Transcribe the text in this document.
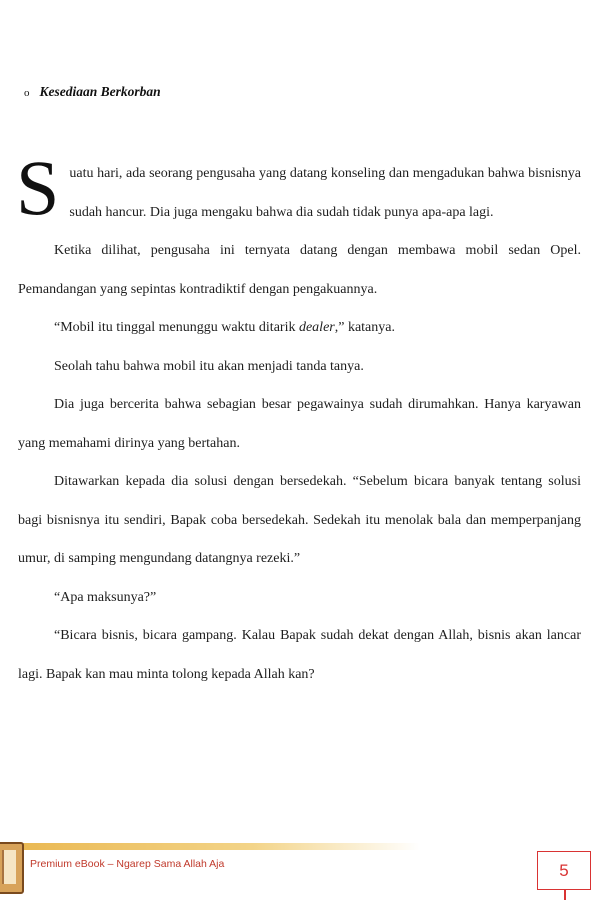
o Kesediaan Berkorban

Suatu hari, ada seorang pengusaha yang datang konseling dan mengadukan bahwa bisnisnya sudah hancur. Dia juga mengaku bahwa dia sudah tidak punya apa-apa lagi.

Ketika dilihat, pengusaha ini ternyata datang dengan membawa mobil sedan Opel. Pemandangan yang sepintas kontradiktif dengan pengakuannya.

“Mobil itu tinggal menunggu waktu ditarik dealer,” katanya.

Seolah tahu bahwa mobil itu akan menjadi tanda tanya.

Dia juga bercerita bahwa sebagian besar pegawainya sudah dirumahkan. Hanya karyawan yang memahami dirinya yang bertahan.

Ditawarkan kepada dia solusi dengan bersedekah. “Sebelum bicara banyak tentang solusi bagi bisnisnya itu sendiri, Bapak coba bersedekah. Sedekah itu menolak bala dan memperpanjang umur, di samping mengundang datangnya rezeki.”

“Apa maksunya?”

“Bicara bisnis, bicara gampang. Kalau Bapak sudah dekat dengan Allah, bisnis akan lancar lagi. Bapak kan mau minta tolong kepada Allah kan?

Premium eBook – Ngarep Sama Allah Aja	5
